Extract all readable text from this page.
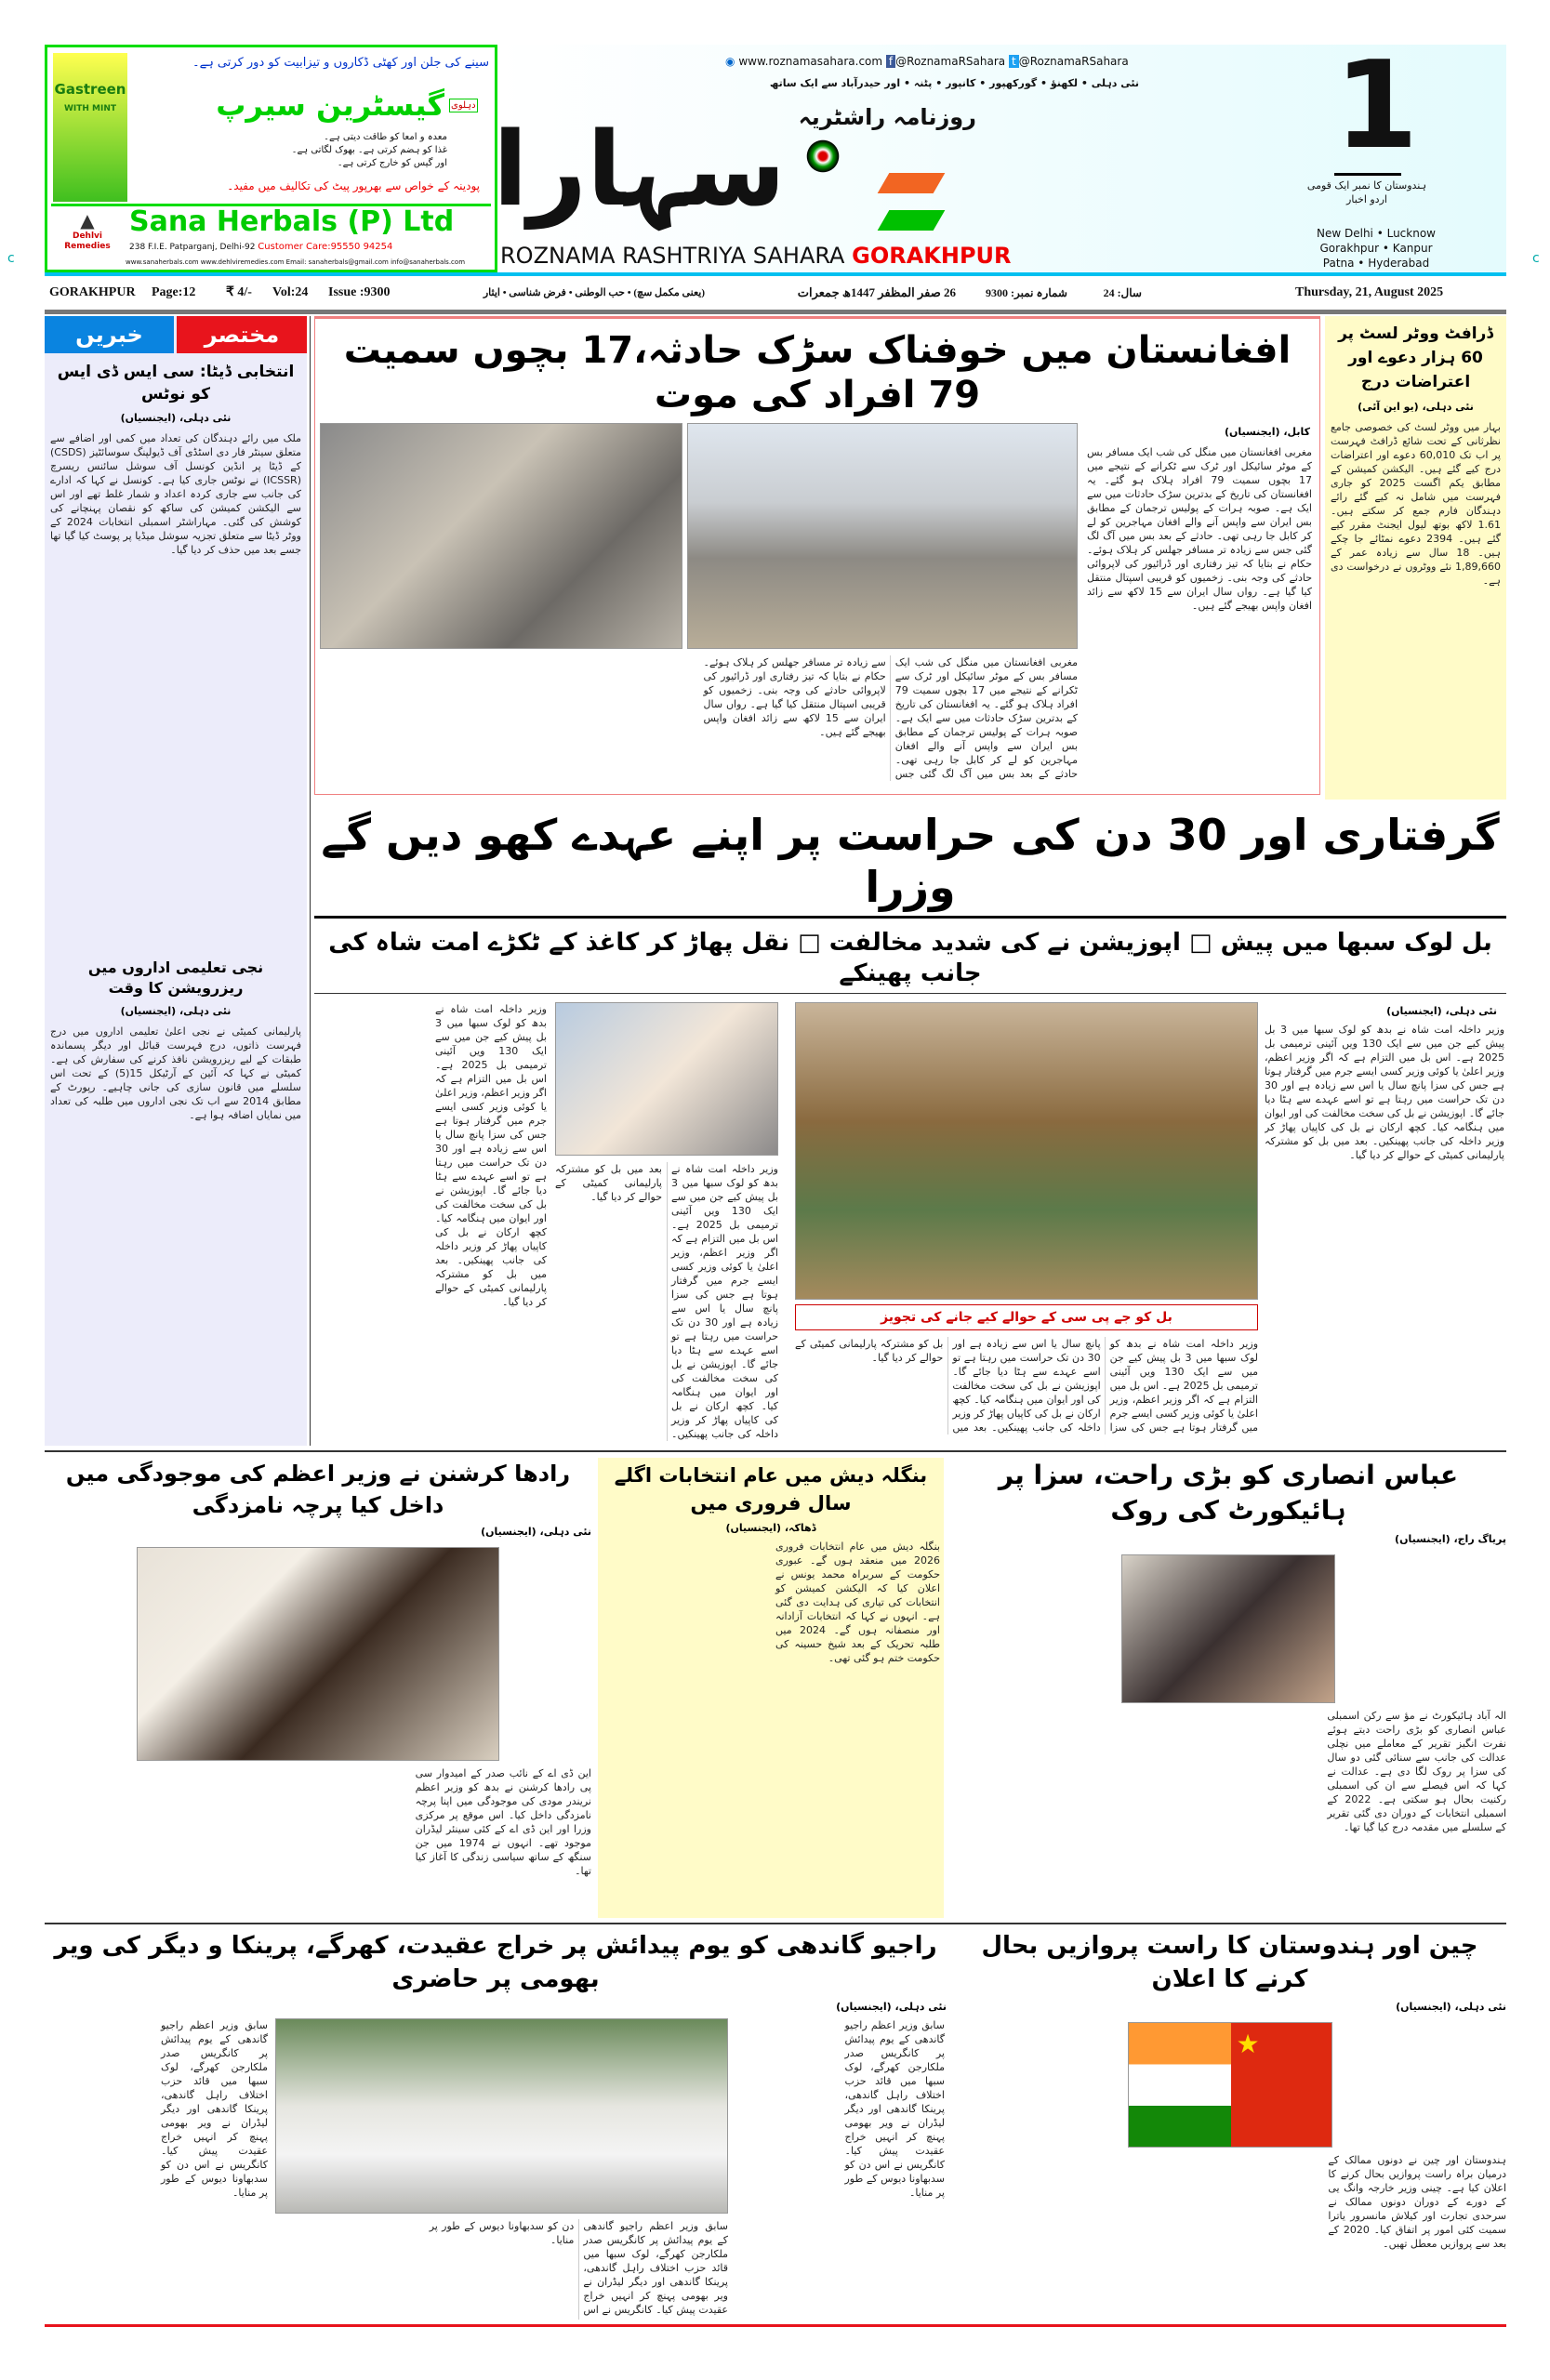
c	c
Gastreen
WITH MINT
سینے کی جلن اور کھٹی ڈکاروں و تیزابیت کو دور کرتی ہے۔
گیسٹرین سیرپ دہلوی
معدہ و امعا کو طاقت دیتی ہے۔
غذا کو ہضم کرتی ہے۔ بھوک لگاتی ہے۔
اور گیس کو خارج کرتی ہے۔
پودینہ کے خواص سے بھرپور پیٹ کی تکالیف میں مفید۔
▲
Dehlvi Remedies
Sana Herbals (P) Ltd
238 F.I.E. Patparganj, Delhi-92 Customer Care:95550 94254
www.sanaherbals.com www.dehlviremedies.com Email: sanaherbals@gmail.com info@sanaherbals.com
◉ www.roznamasahara.com f @RoznamaRSahara t @RoznamaRSahara
نئی دہلی • لکھنؤ • گورکھپور • کانپور • پٹنہ • اور حیدرآباد سے ایک ساتھ
سہارا روزنامہ راشٹریہ
ROZNAMA RASHTRIYA SAHARA GORAKHPUR
1
ہندوستان کا نمبر ایک قومی اردو اخبار
New Delhi • Lucknow
Gorakhpur • Kanpur
Patna • Hyderabad
GORAKHPUR Page:12 ₹ 4/- Vol:24 Issue :9300	(یعنی مکمل سچ) • حب الوطنی • فرض شناسی • ایثار	26 صفر المظفر 1447ھ جمعرات	شمارہ نمبر: 9300	سال: 24	Thursday, 21, August 2025
خبریں	مختصر
انتخابی ڈیٹا: سی ایس ڈی ایس کو نوٹس
نئی دہلی، (ایجنسیاں)
ملک میں رائے دہندگان کی تعداد میں کمی اور اضافے سے متعلق سینٹر فار دی اسٹڈی آف ڈیولپنگ سوسائٹیز (CSDS) کے ڈیٹا پر انڈین کونسل آف سوشل سائنس ریسرچ (ICSSR) نے نوٹس جاری کیا ہے۔ کونسل نے کہا کہ ادارے کی جانب سے جاری کردہ اعداد و شمار غلط تھے اور اس سے الیکشن کمیشن کی ساکھ کو نقصان پہنچانے کی کوشش کی گئی۔ مہاراشٹر اسمبلی انتخابات 2024 کے ووٹر ڈیٹا سے متعلق تجزیہ سوشل میڈیا پر پوسٹ کیا گیا تھا جسے بعد میں حذف کر دیا گیا۔
نجی تعلیمی اداروں میں ریزرویشن کا وقت
نئی دہلی، (ایجنسیاں)
پارلیمانی کمیٹی نے نجی اعلیٰ تعلیمی اداروں میں درج فہرست ذاتوں، درج فہرست قبائل اور دیگر پسماندہ طبقات کے لیے ریزرویشن نافذ کرنے کی سفارش کی ہے۔ کمیٹی نے کہا کہ آئین کے آرٹیکل 15(5) کے تحت اس سلسلے میں قانون سازی کی جانی چاہیے۔ رپورٹ کے مطابق 2014 سے اب تک نجی اداروں میں طلبہ کی تعداد میں نمایاں اضافہ ہوا ہے۔
افغانستان میں خوفناک سڑک حادثہ،17 بچوں سمیت 79 افراد کی موت
کابل، (ایجنسیاں)
مغربی افغانستان میں منگل کی شب ایک مسافر بس کے موٹر سائیکل اور ٹرک سے ٹکرانے کے نتیجے میں 17 بچوں سمیت 79 افراد ہلاک ہو گئے۔ یہ افغانستان کی تاریخ کے بدترین سڑک حادثات میں سے ایک ہے۔ صوبہ ہرات کے پولیس ترجمان کے مطابق بس ایران سے واپس آنے والے افغان مہاجرین کو لے کر کابل جا رہی تھی۔ حادثے کے بعد بس میں آگ لگ گئی جس سے زیادہ تر مسافر جھلس کر ہلاک ہوئے۔ حکام نے بتایا کہ تیز رفتاری اور ڈرائیور کی لاپروائی حادثے کی وجہ بنی۔ زخمیوں کو قریبی اسپتال منتقل کیا گیا ہے۔ رواں سال ایران سے 15 لاکھ سے زائد افغان واپس بھیجے گئے ہیں۔
مغربی افغانستان میں منگل کی شب ایک مسافر بس کے موٹر سائیکل اور ٹرک سے ٹکرانے کے نتیجے میں 17 بچوں سمیت 79 افراد ہلاک ہو گئے۔ یہ افغانستان کی تاریخ کے بدترین سڑک حادثات میں سے ایک ہے۔ صوبہ ہرات کے پولیس ترجمان کے مطابق بس ایران سے واپس آنے والے افغان مہاجرین کو لے کر کابل جا رہی تھی۔ حادثے کے بعد بس میں آگ لگ گئی جس سے زیادہ تر مسافر جھلس کر ہلاک ہوئے۔ حکام نے بتایا کہ تیز رفتاری اور ڈرائیور کی لاپروائی حادثے کی وجہ بنی۔ زخمیوں کو قریبی اسپتال منتقل کیا گیا ہے۔ رواں سال ایران سے 15 لاکھ سے زائد افغان واپس بھیجے گئے ہیں۔
ڈرافٹ ووٹر لسٹ پر 60 ہزار دعوے اور اعتراضات درج
نئی دہلی، (یو این آئی)
بہار میں ووٹر لسٹ کی خصوصی جامع نظرثانی کے تحت شائع ڈرافٹ فہرست پر اب تک 60,010 دعوے اور اعتراضات درج کیے گئے ہیں۔ الیکشن کمیشن کے مطابق یکم اگست 2025 کو جاری فہرست میں شامل نہ کیے گئے رائے دہندگان فارم جمع کر سکتے ہیں۔ 1.61 لاکھ بوتھ لیول ایجنٹ مقرر کیے گئے ہیں۔ 2394 دعوے نمٹائے جا چکے ہیں۔ 18 سال سے زیادہ عمر کے 1,89,660 نئے ووٹروں نے درخواست دی ہے۔
گرفتاری اور 30 دن کی حراست پر اپنے عہدے کھو دیں گے وزرا
بل لوک سبھا میں پیش □ اپوزیشن نے کی شدید مخالفت □ نقل پھاڑ کر کاغذ کے ٹکڑے امت شاہ کی جانب پھینکے
نئی دہلی، (ایجنسیاں)
وزیر داخلہ امت شاہ نے بدھ کو لوک سبھا میں 3 بل پیش کیے جن میں سے ایک 130 ویں آئینی ترمیمی بل 2025 ہے۔ اس بل میں التزام ہے کہ اگر وزیر اعظم، وزیر اعلیٰ یا کوئی وزیر کسی ایسے جرم میں گرفتار ہوتا ہے جس کی سزا پانچ سال یا اس سے زیادہ ہے اور 30 دن تک حراست میں رہتا ہے تو اسے عہدے سے ہٹا دیا جائے گا۔ اپوزیشن نے بل کی سخت مخالفت کی اور ایوان میں ہنگامہ کیا۔ کچھ ارکان نے بل کی کاپیاں پھاڑ کر وزیر داخلہ کی جانب پھینکیں۔ بعد میں بل کو مشترکہ پارلیمانی کمیٹی کے حوالے کر دیا گیا۔
بل کو جے پی سی کے حوالے کیے جانے کی تجویز
وزیر داخلہ امت شاہ نے بدھ کو لوک سبھا میں 3 بل پیش کیے جن میں سے ایک 130 ویں آئینی ترمیمی بل 2025 ہے۔ اس بل میں التزام ہے کہ اگر وزیر اعظم، وزیر اعلیٰ یا کوئی وزیر کسی ایسے جرم میں گرفتار ہوتا ہے جس کی سزا پانچ سال یا اس سے زیادہ ہے اور 30 دن تک حراست میں رہتا ہے تو اسے عہدے سے ہٹا دیا جائے گا۔ اپوزیشن نے بل کی سخت مخالفت کی اور ایوان میں ہنگامہ کیا۔ کچھ ارکان نے بل کی کاپیاں پھاڑ کر وزیر داخلہ کی جانب پھینکیں۔ بعد میں بل کو مشترکہ پارلیمانی کمیٹی کے حوالے کر دیا گیا۔
وزیر داخلہ امت شاہ نے بدھ کو لوک سبھا میں 3 بل پیش کیے جن میں سے ایک 130 ویں آئینی ترمیمی بل 2025 ہے۔ اس بل میں التزام ہے کہ اگر وزیر اعظم، وزیر اعلیٰ یا کوئی وزیر کسی ایسے جرم میں گرفتار ہوتا ہے جس کی سزا پانچ سال یا اس سے زیادہ ہے اور 30 دن تک حراست میں رہتا ہے تو اسے عہدے سے ہٹا دیا جائے گا۔ اپوزیشن نے بل کی سخت مخالفت کی اور ایوان میں ہنگامہ کیا۔ کچھ ارکان نے بل کی کاپیاں پھاڑ کر وزیر داخلہ کی جانب پھینکیں۔ بعد میں بل کو مشترکہ پارلیمانی کمیٹی کے حوالے کر دیا گیا۔
وزیر داخلہ امت شاہ نے بدھ کو لوک سبھا میں 3 بل پیش کیے جن میں سے ایک 130 ویں آئینی ترمیمی بل 2025 ہے۔ اس بل میں التزام ہے کہ اگر وزیر اعظم، وزیر اعلیٰ یا کوئی وزیر کسی ایسے جرم میں گرفتار ہوتا ہے جس کی سزا پانچ سال یا اس سے زیادہ ہے اور 30 دن تک حراست میں رہتا ہے تو اسے عہدے سے ہٹا دیا جائے گا۔ اپوزیشن نے بل کی سخت مخالفت کی اور ایوان میں ہنگامہ کیا۔ کچھ ارکان نے بل کی کاپیاں پھاڑ کر وزیر داخلہ کی جانب پھینکیں۔ بعد میں بل کو مشترکہ پارلیمانی کمیٹی کے حوالے کر دیا گیا۔
عباس انصاری کو بڑی راحت، سزا پر ہائیکورٹ کی روک
پریاگ راج، (ایجنسیاں)
الہ آباد ہائیکورٹ نے مؤ سے رکن اسمبلی عباس انصاری کو بڑی راحت دیتے ہوئے نفرت انگیز تقریر کے معاملے میں نچلی عدالت کی جانب سے سنائی گئی دو سال کی سزا پر روک لگا دی ہے۔ عدالت نے کہا کہ اس فیصلے سے ان کی اسمبلی رکنیت بحال ہو سکتی ہے۔ 2022 کے اسمبلی انتخابات کے دوران دی گئی تقریر کے سلسلے میں مقدمہ درج کیا گیا تھا۔
بنگلہ دیش میں عام انتخابات اگلے سال فروری میں
ڈھاکہ، (ایجنسیاں)
بنگلہ دیش میں عام انتخابات فروری 2026 میں منعقد ہوں گے۔ عبوری حکومت کے سربراہ محمد یونس نے اعلان کیا کہ الیکشن کمیشن کو انتخابات کی تیاری کی ہدایت دی گئی ہے۔ انہوں نے کہا کہ انتخابات آزادانہ اور منصفانہ ہوں گے۔ 2024 میں طلبہ تحریک کے بعد شیخ حسینہ کی حکومت ختم ہو گئی تھی۔
رادھا کرشنن نے وزیر اعظم کی موجودگی میں داخل کیا پرچہ نامزدگی
نئی دہلی، (ایجنسیاں)
این ڈی اے کے نائب صدر کے امیدوار سی پی رادھا کرشنن نے بدھ کو وزیر اعظم نریندر مودی کی موجودگی میں اپنا پرچہ نامزدگی داخل کیا۔ اس موقع پر مرکزی وزرا اور این ڈی اے کے کئی سینئر لیڈران موجود تھے۔ انہوں نے 1974 میں جن سنگھ کے ساتھ سیاسی زندگی کا آغاز کیا تھا۔
چین اور ہندوستان کا راست پروازیں بحال کرنے کا اعلان
نئی دہلی، (ایجنسیاں)
★
ہندوستان اور چین نے دونوں ممالک کے درمیان براہ راست پروازیں بحال کرنے کا اعلان کیا ہے۔ چینی وزیر خارجہ وانگ یی کے دورے کے دوران دونوں ممالک نے سرحدی تجارت اور کیلاش مانسرور یاترا سمیت کئی امور پر اتفاق کیا۔ 2020 کے بعد سے پروازیں معطل تھیں۔
راجیو گاندھی کو یوم پیدائش پر خراج عقیدت، کھرگے، پرینکا و دیگر کی ویر بھومی پر حاضری
نئی دہلی، (ایجنسیاں)
سابق وزیر اعظم راجیو گاندھی کے یوم پیدائش پر کانگریس صدر ملکارجن کھرگے، لوک سبھا میں قائد حزب اختلاف راہل گاندھی، پرینکا گاندھی اور دیگر لیڈران نے ویر بھومی پہنچ کر انہیں خراج عقیدت پیش کیا۔ کانگریس نے اس دن کو سدبھاونا دیوس کے طور پر منایا۔
سابق وزیر اعظم راجیو گاندھی کے یوم پیدائش پر کانگریس صدر ملکارجن کھرگے، لوک سبھا میں قائد حزب اختلاف راہل گاندھی، پرینکا گاندھی اور دیگر لیڈران نے ویر بھومی پہنچ کر انہیں خراج عقیدت پیش کیا۔ کانگریس نے اس دن کو سدبھاونا دیوس کے طور پر منایا۔
سابق وزیر اعظم راجیو گاندھی کے یوم پیدائش پر کانگریس صدر ملکارجن کھرگے، لوک سبھا میں قائد حزب اختلاف راہل گاندھی، پرینکا گاندھی اور دیگر لیڈران نے ویر بھومی پہنچ کر انہیں خراج عقیدت پیش کیا۔ کانگریس نے اس دن کو سدبھاونا دیوس کے طور پر منایا۔
